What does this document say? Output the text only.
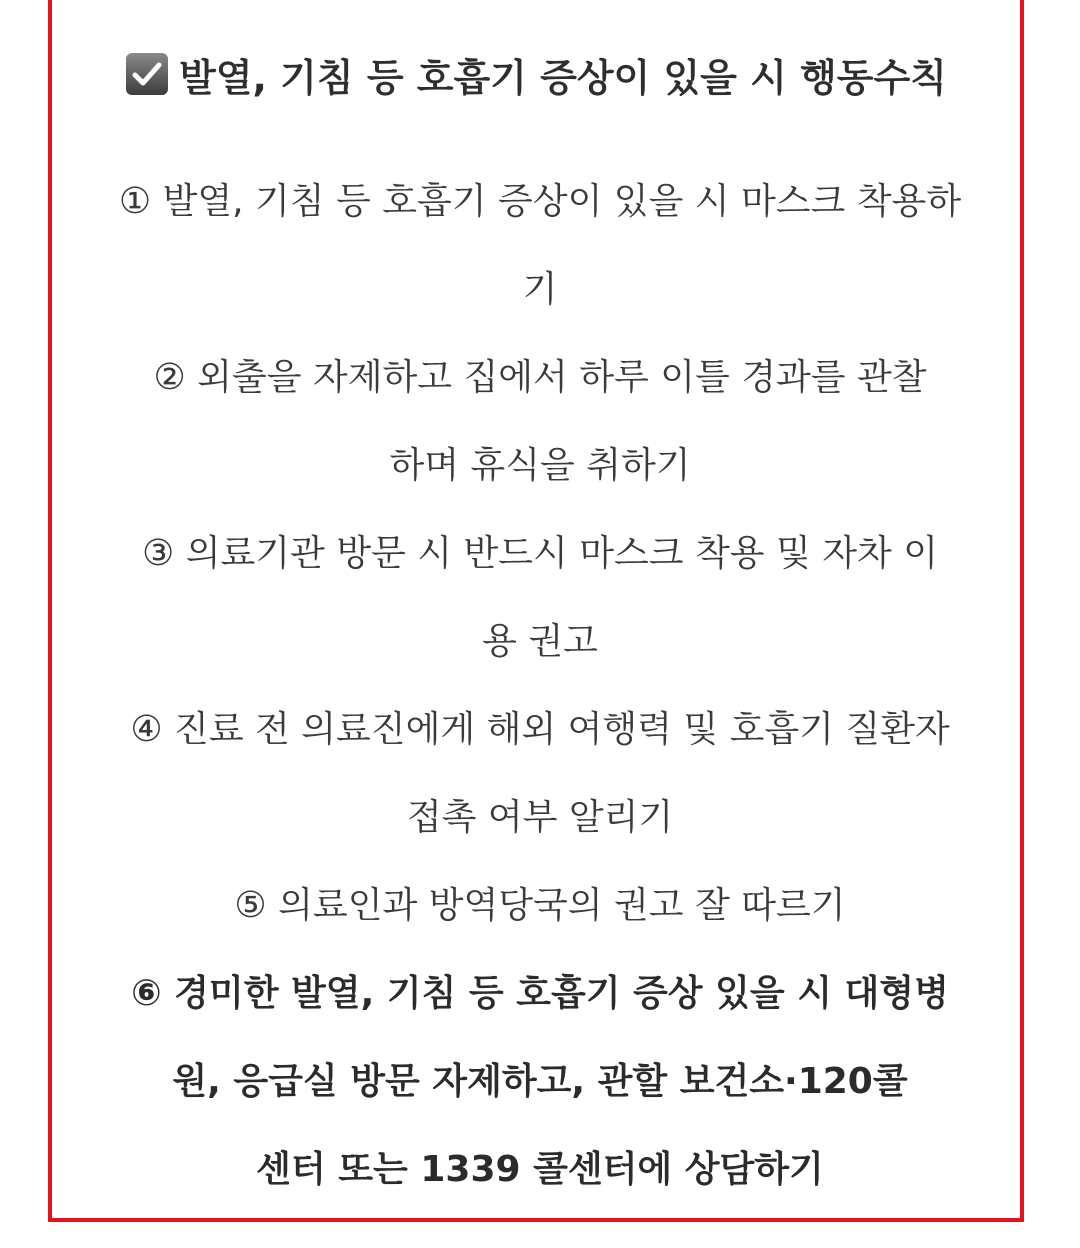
발열, 기침 등 호흡기 증상이 있을 시 행동수칙
① 발열, 기침 등 호흡기 증상이 있을 시 마스크 착용하
기
② 외출을 자제하고 집에서 하루 이틀 경과를 관찰
하며 휴식을 취하기
③ 의료기관 방문 시 반드시 마스크 착용 및 자차 이
용 권고
④ 진료 전 의료진에게 해외 여행력 및 호흡기 질환자
접촉 여부 알리기
⑤ 의료인과 방역당국의 권고 잘 따르기
⑥ 경미한 발열, 기침 등 호흡기 증상 있을 시 대형병
원, 응급실 방문 자제하고, 관할 보건소·120콜
센터 또는 1339 콜센터에 상담하기
